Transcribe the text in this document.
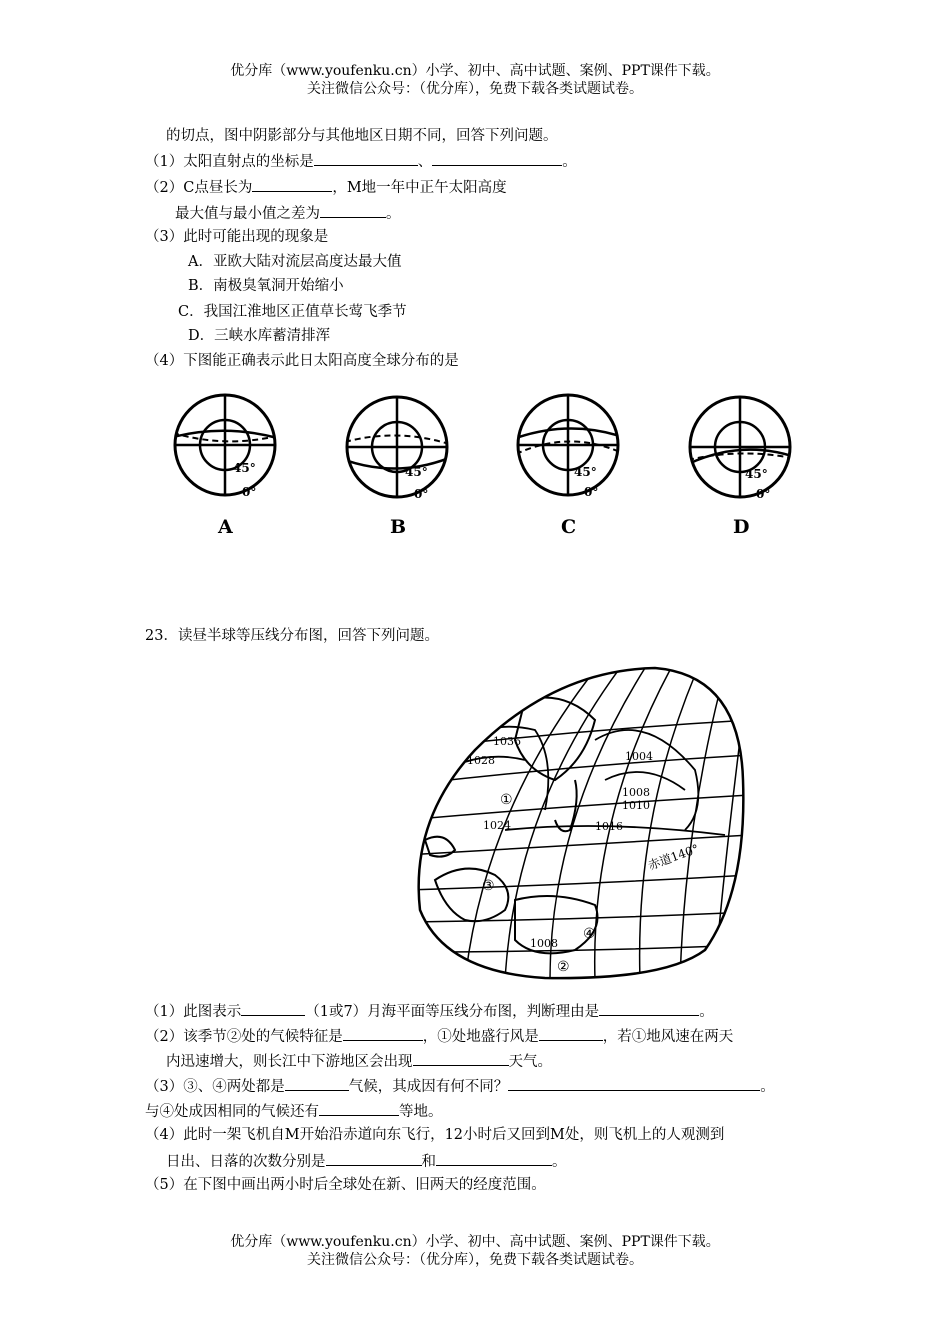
优分库（www.youfenku.cn）小学、初中、高中试题、案例、PPT课件下载。
关注微信公众号：（优分库），免费下载各类试题试卷。
的切点，图中阴影部分与其他地区日期不同，回答下列问题。
（1）太阳直射点的坐标是	、	。
（2）C点昼长为	，M地一年中正午太阳高度
最大值与最小值之差为	。
（3）此时可能出现的现象是
A．亚欧大陆对流层高度达最大值
B．南极臭氧洞开始缩小
C．我国江淮地区正值草长莺飞季节
D．三峡水库蓄清排浑
（4）下图能正确表示此日太阳高度全球分布的是
45°
0°
45°
0°
45°
0°
45°
0°
A	B	C	D
23．读昼半球等压线分布图，回答下列问题。
1036
1028
1024
1004
1008
1010
1016
1008
①
②
③
④
赤道140°
（1）此图表示	（1或7）月海平面等压线分布图，判断理由是	。
（2）该季节②处的气候特征是	，①处地盛行风是	，若①地风速在两天
内迅速增大，则长江中下游地区会出现	天气。
（3）③、④两处都是	气候，其成因有何不同？	。
与④处成因相同的气候还有	等地。
（4）此时一架飞机自M开始沿赤道向东飞行，12小时后又回到M处，则飞机上的人观测到
日出、日落的次数分别是	和	。
（5）在下图中画出两小时后全球处在新、旧两天的经度范围。
优分库（www.youfenku.cn）小学、初中、高中试题、案例、PPT课件下载。
关注微信公众号：（优分库），免费下载各类试题试卷。
